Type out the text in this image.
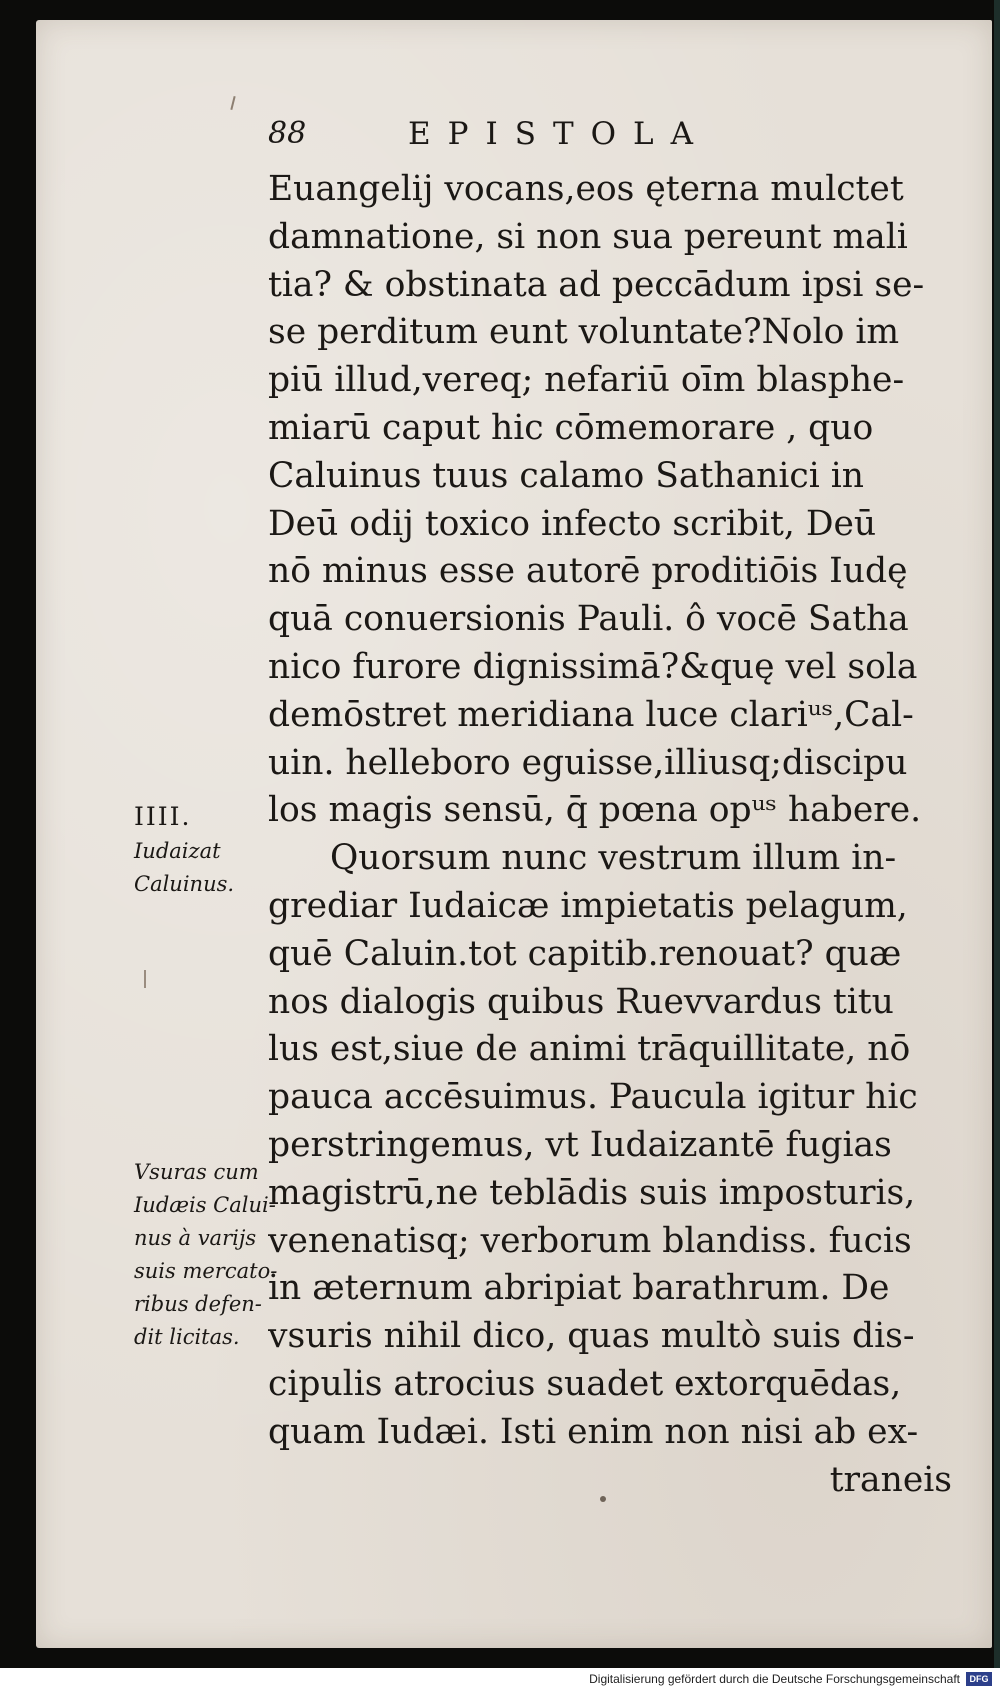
88	EPISTOLA
Euangelij vocans,eos ęterna mulctet
damnatione, si non sua pereunt mali
tia? & obstinata ad peccādum ipsi se-
se perditum eunt voluntate?Nolo im
piū illud,vereq; nefariū oīm blasphe-
miarū caput hic cōmemorare , quo
Caluinus tuus calamo Sathanici in
Deū odij toxico infecto scribit, Deū
nō minus esse autorē proditiōis Iudę
quā conuersionis Pauli. ô vocē Satha
nico furore dignissimā?&quę vel sola
demōstret meridiana luce clariᵘˢ,Cal-
uin. helleboro eguisse,illiusq;discipu
los magis sensū, q̄ pœna opᵘˢ habere.
Quorsum nunc vestrum illum in-
grediar Iudaicæ impietatis pelagum,
quē Caluin.tot capitib.renouat? quæ
nos dialogis quibus Ruevvardus titu
lus est,siue de animi trāquillitate, nō
pauca accēsuimus. Paucula igitur hic
perstringemus, vt Iudaizantē fugias
magistrū,ne teblādis suis imposturis,
venenatisq; verborum blandiss. fucis
in æternum abripiat barathrum. De
vsuris nihil dico, quas multò suis dis-
cipulis atrocius suadet extorquēdas,
quam Iudæi. Isti enim non nisi ab ex-
traneis
IIII.
Iudaizat
Caluinus.
Vsuras cum
Iudæis Calui-
nus à varijs
suis mercato-
ribus defen-
dit licitas.
Digitalisierung gefördert durch die Deutsche Forschungsgemeinschaft	DFG
